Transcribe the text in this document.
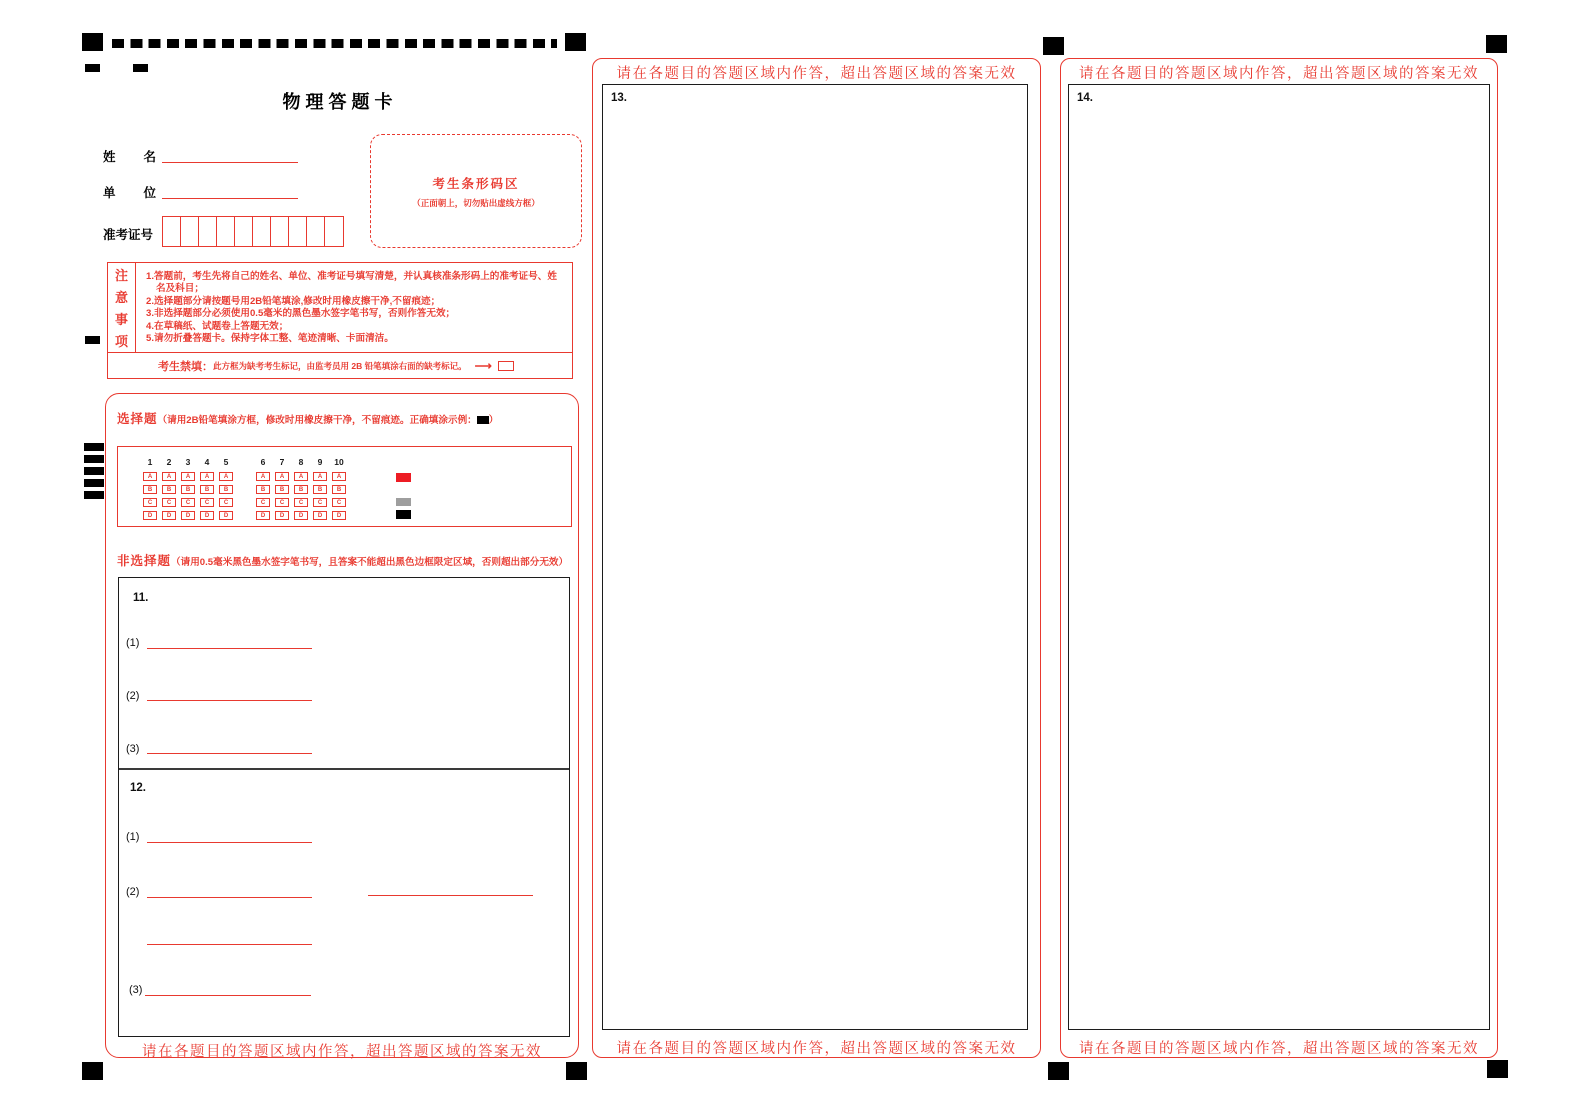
物理答题卡
姓名
单位
准考证号
考生条形码区
（正面朝上，切勿贴出虚线方框）
注
意
事
项
1.答题前，考生先将自己的姓名、单位、准考证号填写清楚，并认真核准条形码上的准考证号、姓名及科目；
2.选择题部分请按题号用2B铅笔填涂,修改时用橡皮擦干净,不留痕迹；
3.非选择题部分必须使用0.5毫米的黑色墨水签字笔书写，否则作答无效；
4.在草稿纸、试题卷上答题无效；
5.请勿折叠答题卡。保持字体工整、笔迹清晰、卡面清洁。
考生禁填： 此方框为缺考考生标记，由监考员用 2B 铅笔填涂右面的缺考标记。 ⟶
选择题（请用2B铅笔填涂方框，修改时用橡皮擦干净，不留痕迹。正确填涂示例： ）
1
A
B
C
D
2
A
B
C
D
3
A
B
C
D
4
A
B
C
D
5
A
B
C
D
6
A
B
C
D
7
A
B
C
D
8
A
B
C
D
9
A
B
C
D
10
A
B
C
D
非选择题（请用0.5毫米黑色墨水签字笔书写，且答案不能超出黑色边框限定区域，否则超出部分无效）
11.
(1)
(2)
(3)
12.
(1)
(2)
(3)
请在各题目的答题区域内作答，超出答题区域的答案无效
请在各题目的答题区域内作答，超出答题区域的答案无效
13.
请在各题目的答题区域内作答，超出答题区域的答案无效
请在各题目的答题区域内作答，超出答题区域的答案无效
14.
请在各题目的答题区域内作答，超出答题区域的答案无效
